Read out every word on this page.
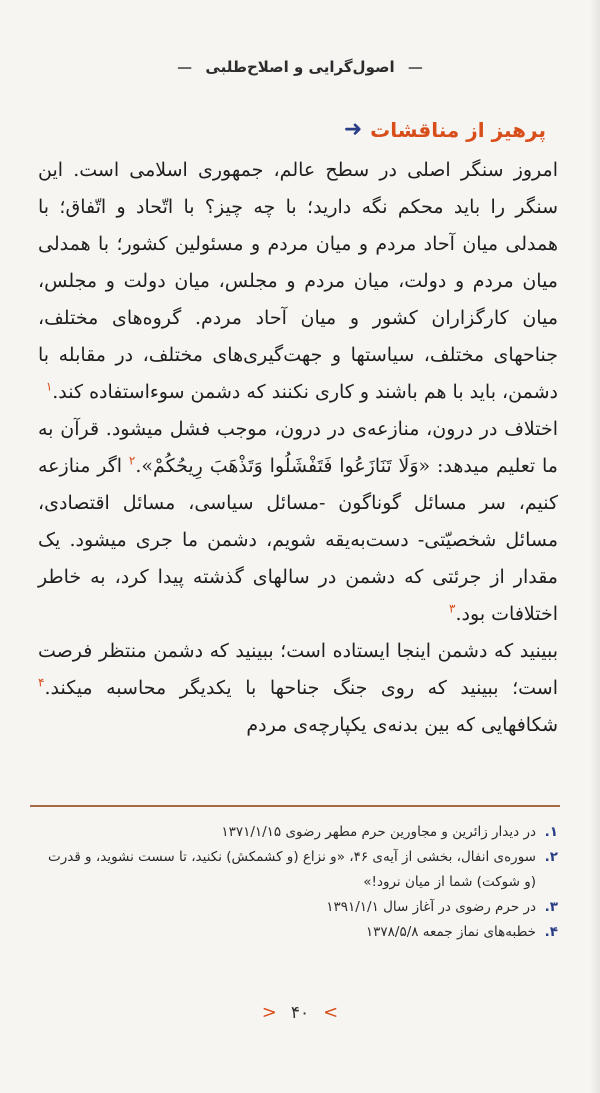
— اصول‌گرایی و اصلاح‌طلبی —
پرهیز از مناقشات
➜

امروز سنگر اصلی در سطح عالم، جمهوری اسلامی است. این سنگر را باید محکم نگه دارید؛ با چه چیز؟ با اتّحاد و اتّفاق؛ با همدلی میان آحاد مردم و میان مردم و مسئولین کشور؛ با همدلی میان مردم و دولت، میان مردم و مجلس، میان دولت و مجلس، میان کارگزاران کشور و میان آحاد مردم. گروه‌های مختلف، جناحهای مختلف، سیاستها و جهت‌گیری‌های مختلف، در مقابله با دشمن، باید با هم باشند و کاری نکنند که دشمن سوءاستفاده کند.$^۱$

اختلاف در درون، منازعه‌ی در درون، موجب فشل میشود. قرآن به ما تعلیم میدهد: «وَلَا تَنَازَعُوا فَتَفْشَلُوا وَتَذْهَبَ رِيحُكُمْ».$^۲$ اگر منازعه کنیم، سر مسائل گوناگون -مسائل سیاسی، مسائل اقتصادی، مسائل شخصیّتی- دست‌به‌یقه شویم، دشمن ما جری میشود. یک مقدار از جرئتی که دشمن در سالهای گذشته پیدا کرد، به خاطر اختلافات بود.$^۳$

ببینید که دشمن اینجا ایستاده است؛ ببینید که دشمن منتظر فرصت است؛ ببینید که روی جنگ جناحها با یکدیگر محاسبه میکند.$^۴$ شکافهایی که بین بدنه‌ی یکپارچه‌ی مردم

۱.
در دیدار زائرین و مجاورین حرم مطهر رضوی ۱۳۷۱/۱/۱۵
۲.
سوره‌ی انفال، بخشی از آیه‌ی ۴۶، «و نزاع (و کشمکش) نکنید، تا سست نشوید، و قدرت (و شوکت) شما از میان نرود!»
۳.
در حرم رضوی در آغاز سال ۱۳۹۱/۱/۱
۴.
خطبه‌های نماز جمعه ۱۳۷۸/۵/۸
>
۴۰
<
